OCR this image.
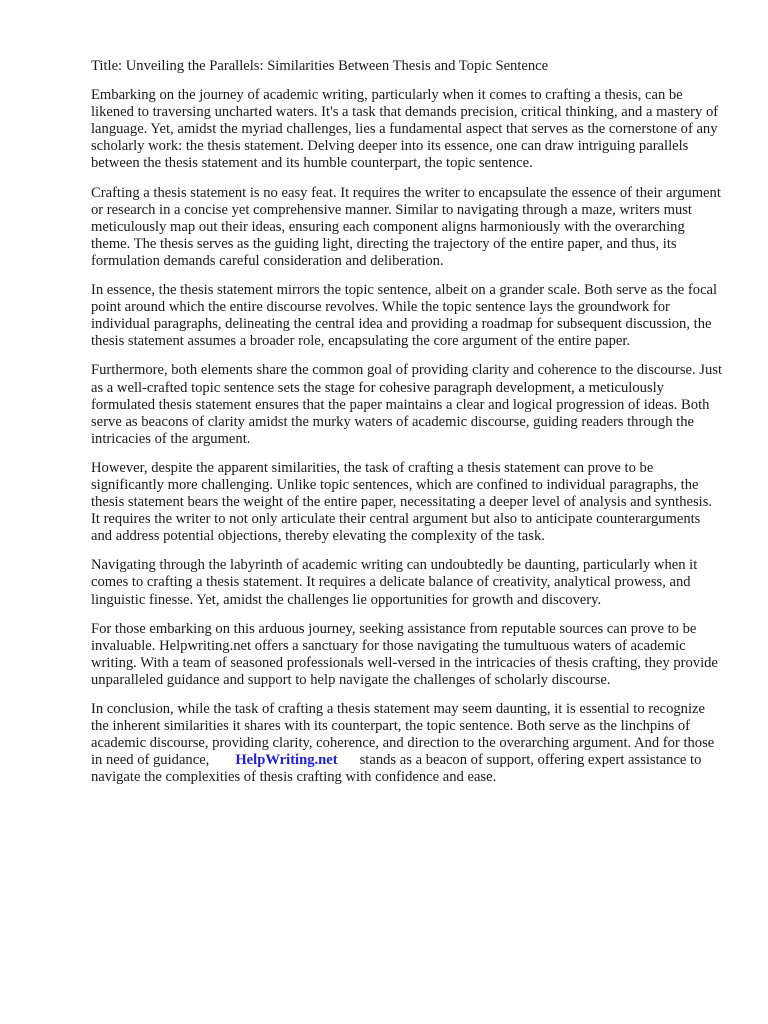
Title: Unveiling the Parallels: Similarities Between Thesis and Topic Sentence

Embarking on the journey of academic writing, particularly when it comes to crafting a thesis, can be likened to traversing uncharted waters. It's a task that demands precision, critical thinking, and a mastery of language. Yet, amidst the myriad challenges, lies a fundamental aspect that serves as the cornerstone of any scholarly work: the thesis statement. Delving deeper into its essence, one can draw intriguing parallels between the thesis statement and its humble counterpart, the topic sentence.

Crafting a thesis statement is no easy feat. It requires the writer to encapsulate the essence of their argument or research in a concise yet comprehensive manner. Similar to navigating through a maze, writers must meticulously map out their ideas, ensuring each component aligns harmoniously with the overarching theme. The thesis serves as the guiding light, directing the trajectory of the entire paper, and thus, its formulation demands careful consideration and deliberation.

In essence, the thesis statement mirrors the topic sentence, albeit on a grander scale. Both serve as the focal point around which the entire discourse revolves. While the topic sentence lays the groundwork for individual paragraphs, delineating the central idea and providing a roadmap for subsequent discussion, the thesis statement assumes a broader role, encapsulating the core argument of the entire paper.

Furthermore, both elements share the common goal of providing clarity and coherence to the discourse. Just as a well-crafted topic sentence sets the stage for cohesive paragraph development, a meticulously formulated thesis statement ensures that the paper maintains a clear and logical progression of ideas. Both serve as beacons of clarity amidst the murky waters of academic discourse, guiding readers through the intricacies of the argument.

However, despite the apparent similarities, the task of crafting a thesis statement can prove to be significantly more challenging. Unlike topic sentences, which are confined to individual paragraphs, the thesis statement bears the weight of the entire paper, necessitating a deeper level of analysis and synthesis. It requires the writer to not only articulate their central argument but also to anticipate counterarguments and address potential objections, thereby elevating the complexity of the task.

Navigating through the labyrinth of academic writing can undoubtedly be daunting, particularly when it comes to crafting a thesis statement. It requires a delicate balance of creativity, analytical prowess, and linguistic finesse. Yet, amidst the challenges lie opportunities for growth and discovery.

For those embarking on this arduous journey, seeking assistance from reputable sources can prove to be invaluable. Helpwriting.net offers a sanctuary for those navigating the tumultuous waters of academic writing. With a team of seasoned professionals well-versed in the intricacies of thesis crafting, they provide unparalleled guidance and support to help navigate the challenges of scholarly discourse.

In conclusion, while the task of crafting a thesis statement may seem daunting, it is essential to recognize the inherent similarities it shares with its counterpart, the topic sentence. Both serve as the linchpins of academic discourse, providing clarity, coherence, and direction to the overarching argument. And for those in need of guidance, HelpWriting.net stands as a beacon of support, offering expert assistance to navigate the complexities of thesis crafting with confidence and ease.
